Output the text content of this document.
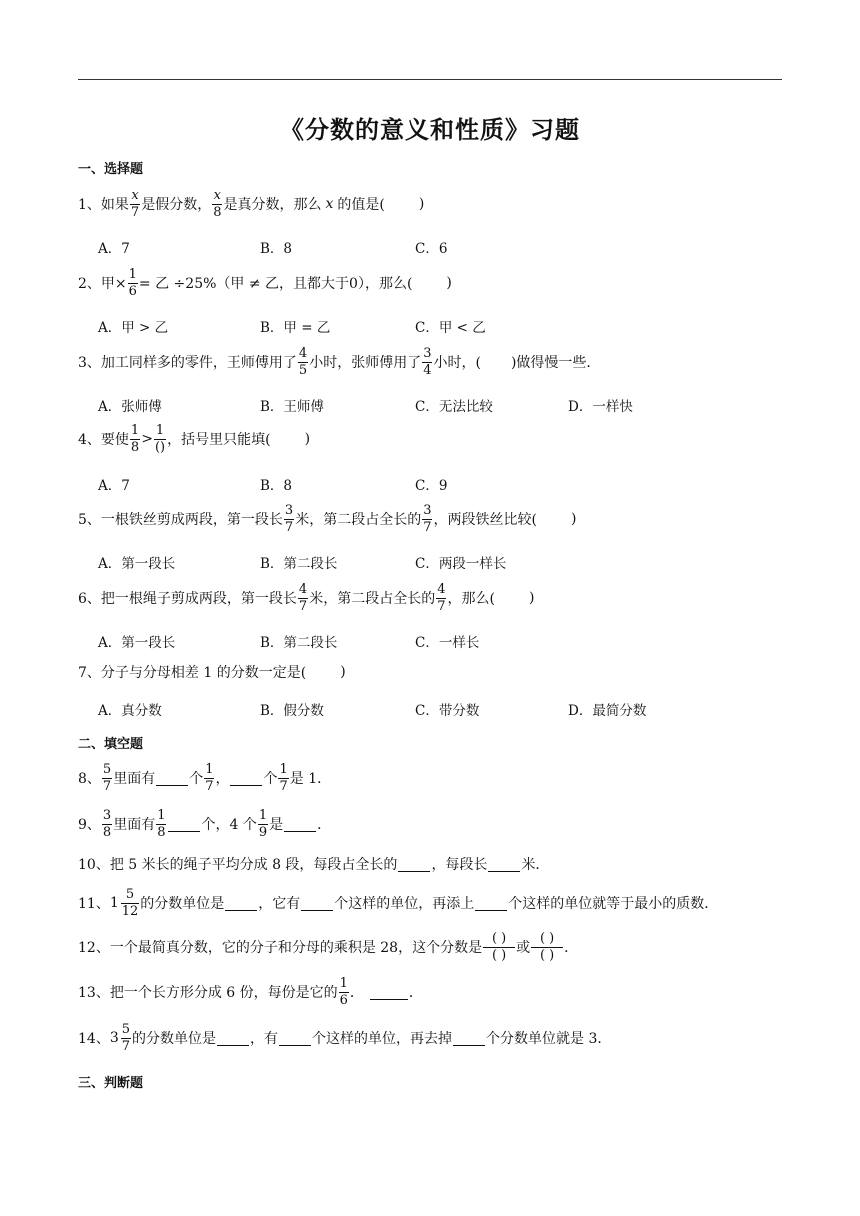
《分数的意义和性质》习题
一、选择题
1、如果 $\frac{x}{7}$ 是假分数， $\frac{x}{8}$ 是真分数，那么 x 的值是( )
A．7	B．8	C．6
2、甲× $\frac{1}{6}$ = 乙 ÷25%（甲 ≠ 乙，且都大于0），那么( )
A．甲 > 乙	B．甲 = 乙	C．甲 < 乙
3、加工同样多的零件，王师傅用了 $\frac{4}{5}$ 小时，张师傅用了 $\frac{3}{4}$ 小时，( )做得慢一些．
A．张师傅	B．王师傅	C．无法比较	D．一样快
4、要使 $\frac{1}{8} > \frac{1}{()}$ ，括号里只能填( )
A．7	B．8	C．9
5、一根铁丝剪成两段，第一段长 $\frac{3}{7}$ 米，第二段占全长的 $\frac{3}{7}$ ，两段铁丝比较( )
A．第一段长	B．第二段长	C．两段一样长
6、把一根绳子剪成两段，第一段长 $\frac{4}{7}$ 米，第二段占全长的 $\frac{4}{7}$ ，那么( )
A．第一段长	B．第二段长	C．一样长
7、分子与分母相差 1 的分数一定是( )
A．真分数	B．假分数	C．带分数	D．最简分数
二、填空题
8、 $\frac{5}{7}$ 里面有 个 $\frac{1}{7}$ ， 个 $\frac{1}{7}$ 是 1．
9、 $\frac{3}{8}$ 里面有 $\frac{1}{8}$	个，4 个 $\frac{1}{9}$ 是 ．
10、把 5 米长的绳子平均分成 8 段，每段占全长的 ，每段长 米．
11、 $1 \frac{5}{12}$ 的分数单位是 ，它有 个这样的单位，再添上 个这样的单位就等于最小的质数．
12、一个最简真分数，它的分子和分母的乘积是 28，这个分数是 $\frac{( )}{( )}$ 或 $\frac{( )}{( )}$ ．
13、把一个长方形分成 6 份，每份是它的 $\frac{1}{6}$ ．	．
14、 $3 \frac{5}{7}$ 的分数单位是 ，有 个这样的单位，再去掉 个分数单位就是 3．
三、判断题
